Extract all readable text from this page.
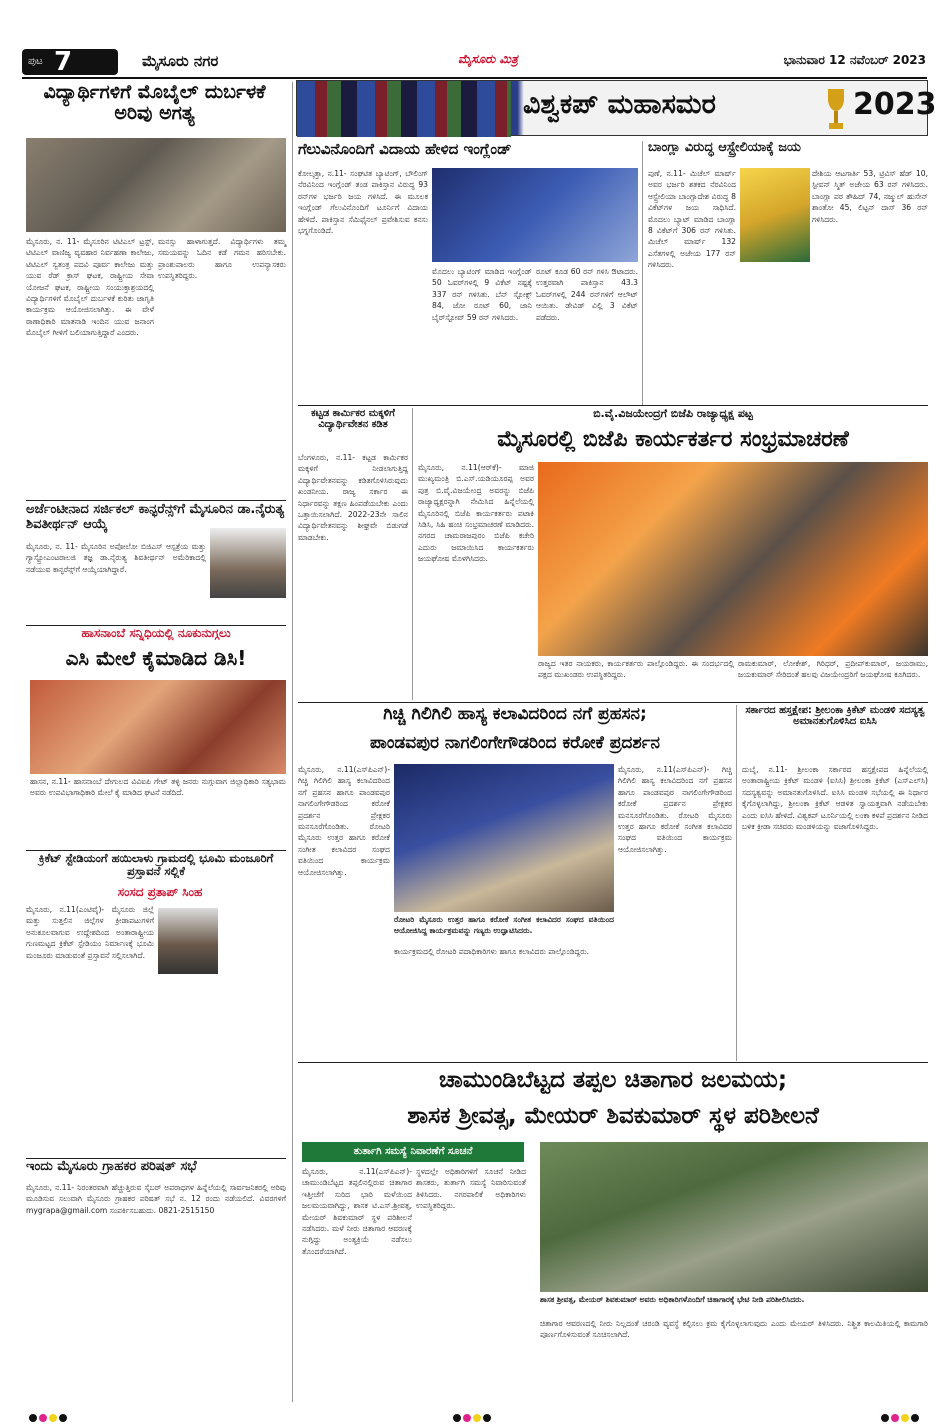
ಪುಟ 7	ಮೈಸೂರು ನಗರ	ಮೈಸೂರು ಮಿತ್ರ	ಭಾನುವಾರ 12 ನವೆಂಬರ್ 2023
ವಿಶ್ವಕಪ್ ಮಹಾಸಮರ	2023
ವಿದ್ಯಾರ್ಥಿಗಳಿಗೆ ಮೊಬೈಲ್ ದುರ್ಬಳಕೆ ಅರಿವು ಅಗತ್ಯ
ಮೈಸೂರು, ನ. 11- ಮೈಸೂರಿನ ಟಿಟಿಎಲ್ ಟ್ರಸ್ಟ್, ಟಿಟಿಎಲ್ ವಾಣಿಜ್ಯ ವ್ಯವಹಾರ ನಿರ್ವಹಣಾ ಕಾಲೇಜು, ಟಿಟಿಎಲ್ ಸ್ವತಂತ್ರ ಪದವಿ ಪೂರ್ವ ಕಾಲೇಜು ಮತ್ತು ಯುವ ರೆಡ್ ಕ್ರಾಸ್ ಘಟಕ, ರಾಷ್ಟ್ರೀಯ ಸೇವಾ ಯೋಜನೆ ಘಟಕ, ರಾಷ್ಟ್ರೀಯ ಸಂಯುಕ್ತಾಶ್ರಯದಲ್ಲಿ ವಿದ್ಯಾರ್ಥಿಗಳಿಗೆ ಮೊಬೈಲ್ ದುರ್ಬಳಕೆ ಕುರಿತು ಜಾಗೃತಿ ಕಾರ್ಯಕ್ರಮ ಆಯೋಜಿಸಲಾಗಿತ್ತು. ಈ ವೇಳೆ ಠಾಣಾಧಿಕಾರಿ ಮಾತನಾಡಿ ಇಂದಿನ ಯುವ ಜನಾಂಗ ಮೊಬೈಲ್ ಗೀಳಿಗೆ ಬಲಿಯಾಗುತ್ತಿದ್ದಾರೆ ಎಂದರು.
ಮನಸ್ಸು ಹಾಳಾಗುತ್ತದೆ. ವಿದ್ಯಾರ್ಥಿಗಳು ತಮ್ಮ ಸಮಯವನ್ನು ಓದಿನ ಕಡೆ ಗಮನ ಹರಿಸಬೇಕು. ಪ್ರಾಂಶುಪಾಲರು ಹಾಗೂ ಉಪನ್ಯಾಸಕರು ಉಪಸ್ಥಿತರಿದ್ದರು.
ಅರ್ಜೆಂಟೀನಾದ ಸರ್ಜಿಕಲ್ ಕಾನ್ಫರೆನ್ಸ್‌ಗೆ ಮೈಸೂರಿನ ಡಾ.ನೈರುತ್ಯ ಶಿವತೀರ್ಥನ್ ಆಯ್ಕೆ
ಮೈಸೂರು, ನ. 11- ಮೈಸೂರಿನ ಅಪೋಲೋ ಬಿಜಿಎಸ್ ಆಸ್ಪತ್ರೆಯ ಮತ್ತು ಗ್ಯಾಸ್ಟ್ರೋಎಂಟರಾಲಜಿ ತಜ್ಞ ಡಾ.ನೈರುತ್ಯ ಶಿವತೀರ್ಥನ್ ಅಮೆರಿಕಾದಲ್ಲಿ ನಡೆಯುವ ಕಾನ್ಫರೆನ್ಸ್‌ಗೆ ಆಯ್ಕೆಯಾಗಿದ್ದಾರೆ.
ಹಾಸನಾಂಬೆ ಸನ್ನಿಧಿಯಲ್ಲಿ ನೂಕುನುಗ್ಗಲು
ಎಸಿ ಮೇಲೆ ಕೈಮಾಡಿದ ಡಿಸಿ!
ಹಾಸನ, ನ.11- ಹಾಸನಾಂಬೆ ದೇಗುಲದ ವಿವಿಐಪಿ ಗೇಟ್ ತಳ್ಳಿ ಜನರು ನುಗ್ಗುವಾಗ ಜಿಲ್ಲಾಧಿಕಾರಿ ಸತ್ಯಭಾಮ ಅವರು ಉಪವಿಭಾಗಾಧಿಕಾರಿ ಮೇಲೆ ಕೈ ಮಾಡಿದ ಘಟನೆ ನಡೆದಿದೆ.
ಕ್ರಿಕೆಟ್ ಸ್ಟೇಡಿಯಂಗೆ ಹಯಿಲಾಳು ಗ್ರಾಮದಲ್ಲಿ ಭೂಮಿ ಮಂಜೂರಿಗೆ ಪ್ರಸ್ತಾವನೆ ಸಲ್ಲಿಕೆ
ಸಂಸದ ಪ್ರತಾಪ್ ಸಿಂಹ
ಮೈಸೂರು, ನ.11(ಎಂಟಿವೈ)- ಮೈಸೂರು ಜಿಲ್ಲೆ ಮತ್ತು ಸುತ್ತಲಿನ ಜಿಲ್ಲೆಗಳ ಕ್ರೀಡಾಪಟುಗಳಿಗೆ ಅನುಕೂಲವಾಗುವ ಉದ್ದೇಶದಿಂದ ಅಂತಾರಾಷ್ಟ್ರೀಯ ಗುಣಮಟ್ಟದ ಕ್ರಿಕೆಟ್ ಸ್ಟೇಡಿಯಂ ನಿರ್ಮಾಣಕ್ಕೆ ಭೂಮಿ ಮಂಜೂರು ಮಾಡುವಂತೆ ಪ್ರಸ್ತಾವನೆ ಸಲ್ಲಿಸಲಾಗಿದೆ.
ಇಂದು ಮೈಸೂರು ಗ್ರಾಹಕರ ಪರಿಷತ್ ಸಭೆ
ಮೈಸೂರು, ನ.11- ನಿರಂತರವಾಗಿ ಹೆಚ್ಚುತ್ತಿರುವ ಸೈಬರ್ ಅಪರಾಧಗಳ ಹಿನ್ನೆಲೆಯಲ್ಲಿ ಸಾರ್ವಜನಿಕರಲ್ಲಿ ಅರಿವು ಮೂಡಿಸುವ ಸಲುವಾಗಿ ಮೈಸೂರು ಗ್ರಾಹಕರ ಪರಿಷತ್ ಸಭೆ ನ. 12 ರಂದು ನಡೆಯಲಿದೆ. ವಿವರಗಳಿಗೆ mygrapa@gmail.com ಸಂಪರ್ಕಿಸಬಹುದು. 0821-2515150
ಗೆಲುವಿನೊಂದಿಗೆ ವಿದಾಯ ಹೇಳಿದ ಇಂಗ್ಲೆಂಡ್
ಕೋಲ್ಕತ್ತಾ, ನ.11- ಸಂಘಟಿತ ಬ್ಯಾಟಿಂಗ್, ಬೌಲಿಂಗ್ ನೆರವಿನಿಂದ ಇಂಗ್ಲೆಂಡ್ ತಂಡ ಪಾಕಿಸ್ತಾನ ವಿರುದ್ಧ 93 ರನ್‌ಗಳ ಭರ್ಜರಿ ಜಯ ಗಳಿಸಿದೆ. ಈ ಮೂಲಕ ಇಂಗ್ಲೆಂಡ್ ಗೆಲುವಿನೊಂದಿಗೆ ಟೂರ್ನಿಗೆ ವಿದಾಯ ಹೇಳಿದೆ. ಪಾಕಿಸ್ತಾನ ಸೆಮಿಫೈನಲ್ ಪ್ರವೇಶಿಸುವ ಕನಸು ಭಗ್ನಗೊಂಡಿದೆ.
ಮೊದಲು ಬ್ಯಾಟಿಂಗ್ ಮಾಡಿದ ಇಂಗ್ಲೆಂಡ್ 50 ಓವರ್‌ಗಳಲ್ಲಿ 9 ವಿಕೆಟ್ ನಷ್ಟಕ್ಕೆ 337 ರನ್ ಗಳಿಸಿತು. ಬೆನ್ ಸ್ಟೋಕ್ಸ್ 84, ಜೋ ರೂಟ್ 60, ಜಾನಿ ಬೈರ್‌ಸ್ಟೋವ್ 59 ರನ್ ಗಳಿಸಿದರು.
ರೂಟ್ ಕೂಡ 60 ರನ್ ಗಳಿಸಿ ಔಟಾದರು. ಉತ್ತರವಾಗಿ ಪಾಕಿಸ್ತಾನ 43.3 ಓವರ್‌ಗಳಲ್ಲಿ 244 ರನ್‌ಗಳಿಗೆ ಆಲೌಟ್ ಆಯಿತು. ಡೇವಿಡ್ ವಿಲ್ಲಿ 3 ವಿಕೆಟ್ ಪಡೆದರು.
ಬಾಂಗ್ಲಾ ವಿರುದ್ಧ ಆಸ್ಟ್ರೇಲಿಯಾಕ್ಕೆ ಜಯ
ಪುಣೆ, ನ.11- ಮಿಚೆಲ್ ಮಾರ್ಷ್ ಅವರ ಭರ್ಜರಿ ಶತಕದ ನೆರವಿನಿಂದ ಆಸ್ಟ್ರೇಲಿಯಾ ಬಾಂಗ್ಲಾದೇಶ ವಿರುದ್ಧ 8 ವಿಕೆಟ್‌ಗಳ ಜಯ ಸಾಧಿಸಿದೆ. ಮೊದಲು ಬ್ಯಾಟ್ ಮಾಡಿದ ಬಾಂಗ್ಲಾ 8 ವಿಕೆಟ್‌ಗೆ 306 ರನ್ ಗಳಿಸಿತು. ಮಿಚೆಲ್ ಮಾರ್ಷ್ 132 ಎಸೆತಗಳಲ್ಲಿ ಅಜೇಯ 177 ರನ್ ಗಳಿಸಿದರು.
ದೇಶಿಯ ಆಟಗಾರ್ತಿ 53, ಟ್ರಿವಿಸ್ ಹೆಡ್ 10, ಸ್ಟೀವನ್ ಸ್ಮಿತ್ ಅಜೇಯ 63 ರನ್ ಗಳಿಸಿದರು. ಬಾಂಗ್ಲಾ ಪರ ತೌಹಿದ್ 74, ನಜ್ಮುಲ್ ಹುಸೇನ್ ಶಾಂತೋ 45, ಲಿಟ್ಟನ್ ದಾಸ್ 36 ರನ್ ಗಳಿಸಿದರು.
ಕಟ್ಟಡ ಕಾರ್ಮಿಕರ ಮಕ್ಕಳಿಗೆ ವಿದ್ಯಾರ್ಥಿವೇತನ ಕಡಿತ
ಬೆಂಗಳೂರು, ನ.11- ಕಟ್ಟಡ ಕಾರ್ಮಿಕರ ಮಕ್ಕಳಿಗೆ ನೀಡಲಾಗುತ್ತಿದ್ದ ವಿದ್ಯಾರ್ಥಿವೇತನವನ್ನು ಕಡಿತಗೊಳಿಸಿರುವುದು ಖಂಡನೀಯ. ರಾಜ್ಯ ಸರ್ಕಾರ ಈ ನಿರ್ಧಾರವನ್ನು ತಕ್ಷಣ ಹಿಂಪಡೆಯಬೇಕು ಎಂದು ಒತ್ತಾಯಿಸಲಾಗಿದೆ. 2022-23ನೇ ಸಾಲಿನ ವಿದ್ಯಾರ್ಥಿವೇತನವನ್ನು ಶೀಘ್ರವೇ ಬಿಡುಗಡೆ ಮಾಡಬೇಕು.
ಬಿ.ವೈ.ವಿಜಯೇಂದ್ರಗೆ ಬಿಜೆಪಿ ರಾಜ್ಯಾಧ್ಯಕ್ಷ ಪಟ್ಟ
ಮೈಸೂರಲ್ಲಿ ಬಿಜೆಪಿ ಕಾರ್ಯಕರ್ತರ ಸಂಭ್ರಮಾಚರಣೆ
ಮೈಸೂರು, ನ.11(ಆರ್‌ಕೆ)- ಮಾಜಿ ಮುಖ್ಯಮಂತ್ರಿ ಬಿ.ಎಸ್.ಯಡಿಯೂರಪ್ಪ ಅವರ ಪುತ್ರ ಬಿ.ವೈ.ವಿಜಯೇಂದ್ರ ಅವರನ್ನು ಬಿಜೆಪಿ ರಾಜ್ಯಾಧ್ಯಕ್ಷರನ್ನಾಗಿ ನೇಮಿಸಿದ ಹಿನ್ನೆಲೆಯಲ್ಲಿ ಮೈಸೂರಿನಲ್ಲಿ ಬಿಜೆಪಿ ಕಾರ್ಯಕರ್ತರು ಪಟಾಕಿ ಸಿಡಿಸಿ, ಸಿಹಿ ಹಂಚಿ ಸಂಭ್ರಮಾಚರಣೆ ಮಾಡಿದರು. ನಗರದ ಚಾಮರಾಜಪುರಂ ಬಿಜೆಪಿ ಕಚೇರಿ ಎದುರು ಜಮಾಯಿಸಿದ ಕಾರ್ಯಕರ್ತರು ಜಯಘೋಷ ಮೊಳಗಿಸಿದರು.
ರಾಜ್ಯದ ಇತರ ನಾಯಕರು, ಕಾರ್ಯಕರ್ತರು ಪಾಲ್ಗೊಂಡಿದ್ದರು. ಈ ಸಂದರ್ಭದಲ್ಲಿ ಪಕ್ಷದ ಮುಖಂಡರು ಉಪಸ್ಥಿತರಿದ್ದರು.
ರಾಮಕುಮಾರ್, ಲೋಕೇಶ್, ಗಿರಿಧರ್, ಪ್ರದೀಪ್‌ಕುಮಾರ್, ಜಯರಾಮು, ಜಯಕುಮಾರ್ ಸೇರಿದಂತೆ ಹಲವು ವಿಜಯೇಂದ್ರರಿಗೆ ಜಯಘೋಷ ಕೂಗಿದರು.
ಗಿಚ್ಚಿ ಗಿಲಿಗಿಲಿ ಹಾಸ್ಯ ಕಲಾವಿದರಿಂದ ನಗೆ ಪ್ರಹಸನ;
ಪಾಂಡವಪುರ ನಾಗಲಿಂಗೇಗೌಡರಿಂದ ಕರೋಕೆ ಪ್ರದರ್ಶನ
ಮೈಸೂರು, ನ.11(ಎಸ್‌ಪಿಎನ್)- ಗಿಚ್ಚಿ ಗಿಲಿಗಿಲಿ ಹಾಸ್ಯ ಕಲಾವಿದರಿಂದ ನಗೆ ಪ್ರಹಸನ ಹಾಗೂ ಪಾಂಡವಪುರ ನಾಗಲಿಂಗೇಗೌಡರಿಂದ ಕರೋಕೆ ಪ್ರದರ್ಶನ ಪ್ರೇಕ್ಷಕರ ಮನಸೂರೆಗೊಂಡಿತು. ರೋಟರಿ ಮೈಸೂರು ಉತ್ತರ ಹಾಗೂ ಕರೋಕೆ ಸಂಗೀತ ಕಲಾವಿದರ ಸಂಘದ ವತಿಯಿಂದ ಕಾರ್ಯಕ್ರಮ ಆಯೋಜಿಸಲಾಗಿತ್ತು.
ರೋಟರಿ ಮೈಸೂರು ಉತ್ತರ ಹಾಗೂ ಕರೋಕೆ ಸಂಗೀತ ಕಲಾವಿದರ ಸಂಘದ ವತಿಯಿಂದ ಆಯೋಜಿಸಿದ್ದ ಕಾರ್ಯಕ್ರಮವನ್ನು ಗಣ್ಯರು ಉದ್ಘಾಟಿಸಿದರು.
ಕಾರ್ಯಕ್ರಮದಲ್ಲಿ ರೋಟರಿ ಪದಾಧಿಕಾರಿಗಳು ಹಾಗೂ ಕಲಾವಿದರು ಪಾಲ್ಗೊಂಡಿದ್ದರು.
ಮೈಸೂರು, ನ.11(ಎಸ್‌ಪಿಎನ್)- ಗಿಚ್ಚಿ ಗಿಲಿಗಿಲಿ ಹಾಸ್ಯ ಕಲಾವಿದರಿಂದ ನಗೆ ಪ್ರಹಸನ ಹಾಗೂ ಪಾಂಡವಪುರ ನಾಗಲಿಂಗೇಗೌಡರಿಂದ ಕರೋಕೆ ಪ್ರದರ್ಶನ ಪ್ರೇಕ್ಷಕರ ಮನಸೂರೆಗೊಂಡಿತು. ರೋಟರಿ ಮೈಸೂರು ಉತ್ತರ ಹಾಗೂ ಕರೋಕೆ ಸಂಗೀತ ಕಲಾವಿದರ ಸಂಘದ ವತಿಯಿಂದ ಕಾರ್ಯಕ್ರಮ ಆಯೋಜಿಸಲಾಗಿತ್ತು.
ಸರ್ಕಾರದ ಹಸ್ತಕ್ಷೇಪ: ಶ್ರೀಲಂಕಾ ಕ್ರಿಕೆಟ್ ಮಂಡಳಿ ಸದಸ್ಯತ್ವ ಅಮಾನತುಗೊಳಿಸಿದ ಐಸಿಸಿ
ದುಬೈ, ನ.11- ಶ್ರೀಲಂಕಾ ಸರ್ಕಾರದ ಹಸ್ತಕ್ಷೇಪದ ಹಿನ್ನೆಲೆಯಲ್ಲಿ ಅಂತಾರಾಷ್ಟ್ರೀಯ ಕ್ರಿಕೆಟ್ ಮಂಡಳಿ (ಐಸಿಸಿ) ಶ್ರೀಲಂಕಾ ಕ್ರಿಕೆಟ್ (ಎಸ್‌ಎಲ್‌ಸಿ) ಸದಸ್ಯತ್ವವನ್ನು ಅಮಾನತುಗೊಳಿಸಿದೆ. ಐಸಿಸಿ ಮಂಡಳಿ ಸಭೆಯಲ್ಲಿ ಈ ನಿರ್ಧಾರ ಕೈಗೊಳ್ಳಲಾಗಿದ್ದು, ಶ್ರೀಲಂಕಾ ಕ್ರಿಕೆಟ್ ಆಡಳಿತ ಸ್ವಾಯತ್ತವಾಗಿ ನಡೆಯಬೇಕು ಎಂದು ಐಸಿಸಿ ಹೇಳಿದೆ. ವಿಶ್ವಕಪ್ ಟೂರ್ನಿಯಲ್ಲಿ ಲಂಕಾ ಕಳಪೆ ಪ್ರದರ್ಶನ ನೀಡಿದ ಬಳಿಕ ಕ್ರೀಡಾ ಸಚಿವರು ಮಂಡಳಿಯನ್ನು ವಜಾಗೊಳಿಸಿದ್ದರು.
ಚಾಮುಂಡಿಬೆಟ್ಟದ ತಪ್ಪಲ ಚಿತಾಗಾರ ಜಲಮಯ;
ಶಾಸಕ ಶ್ರೀವತ್ಸ, ಮೇಯರ್ ಶಿವಕುಮಾರ್ ಸ್ಥಳ ಪರಿಶೀಲನೆ
ತುರ್ತಾಗಿ ಸಮಸ್ಯೆ ನಿವಾರಣೆಗೆ ಸೂಚನೆ
ಮೈಸೂರು, ನ.11(ಎಸ್‌ಪಿಎನ್)- ಚಾಮುಂಡಿಬೆಟ್ಟದ ತಪ್ಪಲಿನಲ್ಲಿರುವ ಚಿತಾಗಾರ ಇತ್ತೀಚೆಗೆ ಸುರಿದ ಭಾರಿ ಮಳೆಯಿಂದ ಜಲಮಯವಾಗಿದ್ದು, ಶಾಸಕ ಟಿ.ಎಸ್.ಶ್ರೀವತ್ಸ, ಮೇಯರ್ ಶಿವಕುಮಾರ್ ಸ್ಥಳ ಪರಿಶೀಲನೆ ನಡೆಸಿದರು. ಮಳೆ ನೀರು ಚಿತಾಗಾರ ಆವರಣಕ್ಕೆ ನುಗ್ಗಿದ್ದು ಅಂತ್ಯಕ್ರಿಯೆ ನಡೆಸಲು ತೊಂದರೆಯಾಗಿದೆ.
ಸ್ಥಳದಲ್ಲೇ ಅಧಿಕಾರಿಗಳಿಗೆ ಸೂಚನೆ ನೀಡಿದ ಶಾಸಕರು, ತುರ್ತಾಗಿ ಸಮಸ್ಯೆ ನಿವಾರಿಸುವಂತೆ ತಿಳಿಸಿದರು. ನಗರಪಾಲಿಕೆ ಅಧಿಕಾರಿಗಳು ಉಪಸ್ಥಿತರಿದ್ದರು.
ಶಾಸಕ ಶ್ರೀವತ್ಸ, ಮೇಯರ್ ಶಿವಕುಮಾರ್ ಅವರು ಅಧಿಕಾರಿಗಳೊಂದಿಗೆ ಚಿತಾಗಾರಕ್ಕೆ ಭೇಟಿ ನೀಡಿ ಪರಿಶೀಲಿಸಿದರು.
ಚಿತಾಗಾರ ಆವರಣದಲ್ಲಿ ನೀರು ನಿಲ್ಲದಂತೆ ಚರಂಡಿ ವ್ಯವಸ್ಥೆ ಕಲ್ಪಿಸಲು ಕ್ರಮ ಕೈಗೊಳ್ಳಲಾಗುವುದು ಎಂದು ಮೇಯರ್ ತಿಳಿಸಿದರು. ನಿಶ್ಚಿತ ಕಾಲಮಿತಿಯಲ್ಲಿ ಕಾಮಗಾರಿ ಪೂರ್ಣಗೊಳಿಸುವಂತೆ ಸೂಚಿಸಲಾಗಿದೆ.
